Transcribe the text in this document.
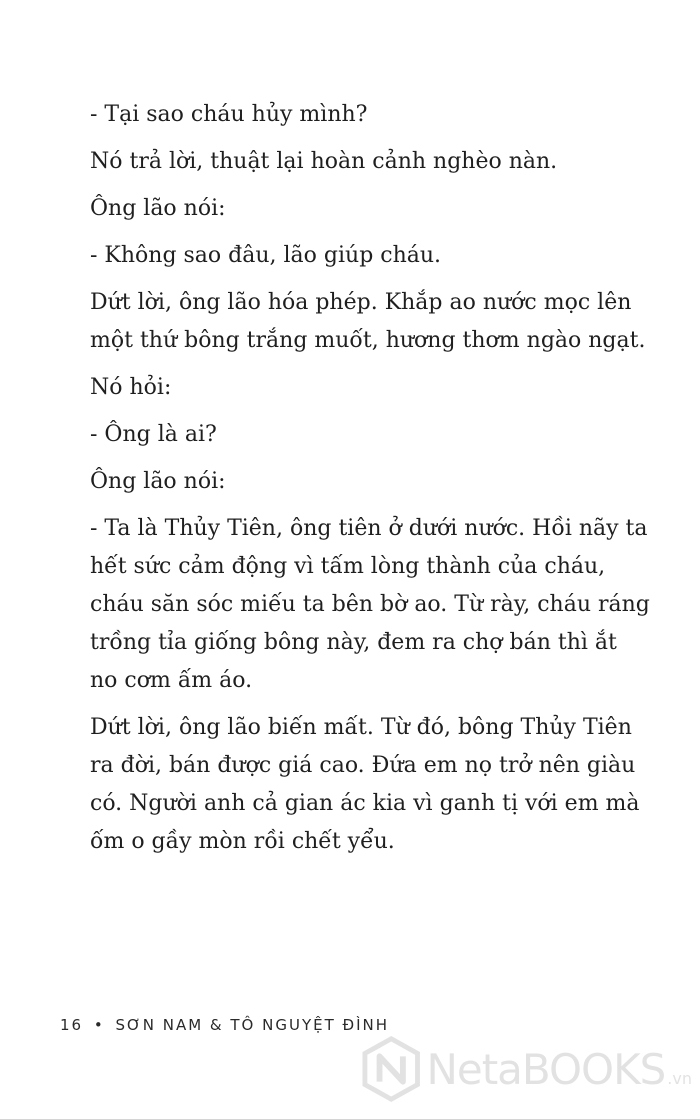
- Tại sao cháu hủy mình?

Nó trả lời, thuật lại hoàn cảnh nghèo nàn.

Ông lão nói:

- Không sao đâu, lão giúp cháu.

Dứt lời, ông lão hóa phép. Khắp ao nước mọc lên một thứ bông trắng muốt, hương thơm ngào ngạt.

Nó hỏi:

- Ông là ai?

Ông lão nói:

- Ta là Thủy Tiên, ông tiên ở dưới nước. Hồi nãy ta hết sức cảm động vì tấm lòng thành của cháu, cháu săn sóc miếu ta bên bờ ao. Từ rày, cháu ráng trồng tỉa giống bông này, đem ra chợ bán thì ắt no cơm ấm áo.

Dứt lời, ông lão biến mất. Từ đó, bông Thủy Tiên ra đời, bán được giá cao. Đứa em nọ trở nên giàu có. Người anh cả gian ác kia vì ganh tị với em mà ốm o gầy mòn rồi chết yểu.

16 • SƠN NAM & TÔ NGUYỆT ĐÌNH
NetaBOOKS .vn
